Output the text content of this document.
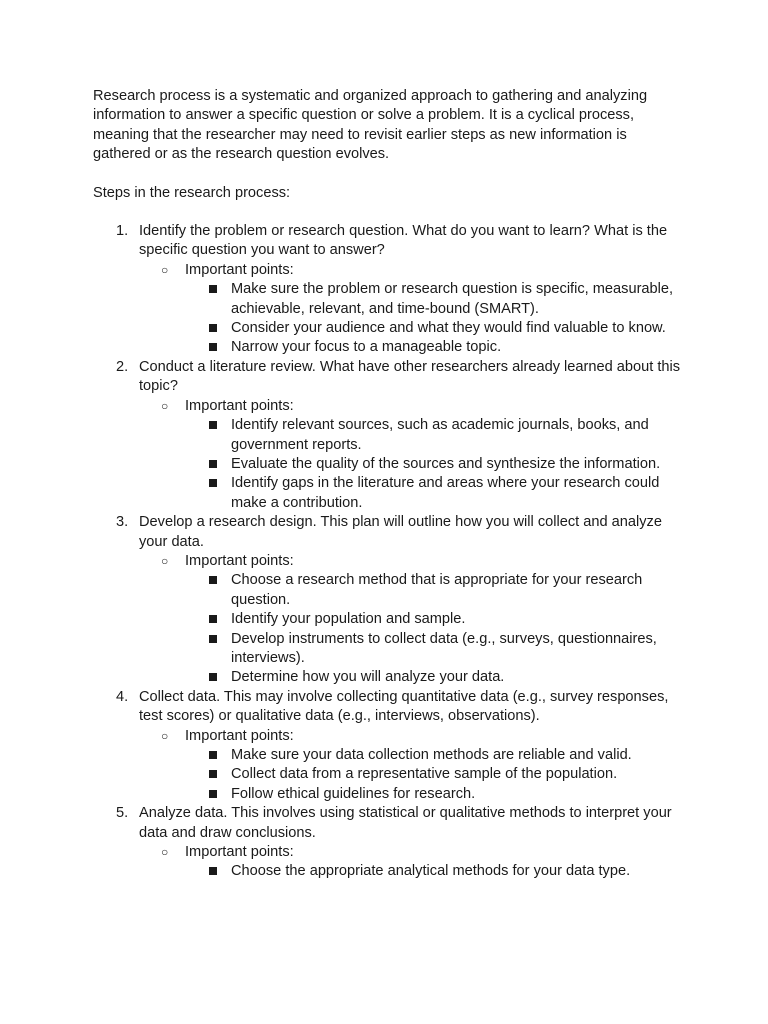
Research process is a systematic and organized approach to gathering and analyzing information to answer a specific question or solve a problem. It is a cyclical process, meaning that the researcher may need to revisit earlier steps as new information is gathered or as the research question evolves.

Steps in the research process:

1. Identify the problem or research question. What do you want to learn? What is the specific question you want to answer?
○ Important points:
Make sure the problem or research question is specific, measurable, achievable, relevant, and time-bound (SMART).
Consider your audience and what they would find valuable to know.
Narrow your focus to a manageable topic.
2. Conduct a literature review. What have other researchers already learned about this topic?
○ Important points:
Identify relevant sources, such as academic journals, books, and government reports.
Evaluate the quality of the sources and synthesize the information.
Identify gaps in the literature and areas where your research could make a contribution.
3. Develop a research design. This plan will outline how you will collect and analyze your data.
○ Important points:
Choose a research method that is appropriate for your research question.
Identify your population and sample.
Develop instruments to collect data (e.g., surveys, questionnaires, interviews).
Determine how you will analyze your data.
4. Collect data. This may involve collecting quantitative data (e.g., survey responses, test scores) or qualitative data (e.g., interviews, observations).
○ Important points:
Make sure your data collection methods are reliable and valid.
Collect data from a representative sample of the population.
Follow ethical guidelines for research.
5. Analyze data. This involves using statistical or qualitative methods to interpret your data and draw conclusions.
○ Important points:
Choose the appropriate analytical methods for your data type.
